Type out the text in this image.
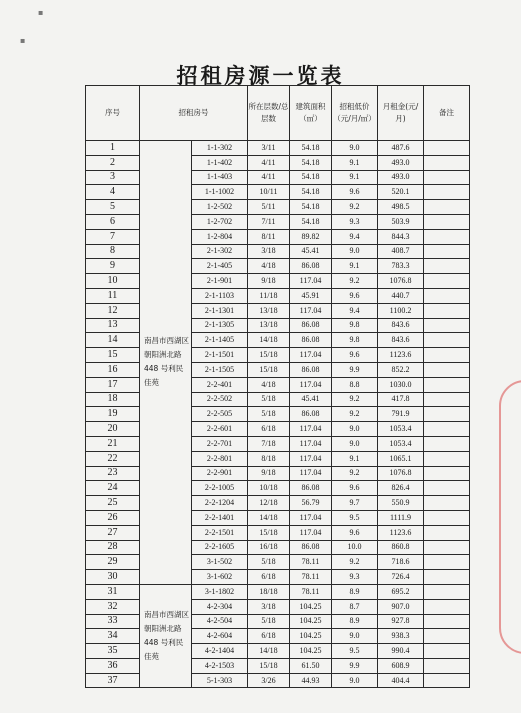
▪
▪
招租房源一览表
序号	招租房号		所在层数/总层数	建筑面积（㎡）	招租低价（元/月/㎡）	月租金(元/月)	备注
1	南昌市西湖区朝阳洲北路 448 号利民佳苑	1-1-302	3/11	54.18	9.0	487.6	
2		1-1-402	4/11	54.18	9.1	493.0	
3		1-1-403	4/11	54.18	9.1	493.0	
4		1-1-1002	10/11	54.18	9.6	520.1	
5		1-2-502	5/11	54.18	9.2	498.5	
6		1-2-702	7/11	54.18	9.3	503.9	
7		1-2-804	8/11	89.82	9.4	844.3	
8		2-1-302	3/18	45.41	9.0	408.7	
9		2-1-405	4/18	86.08	9.1	783.3	
10		2-1-901	9/18	117.04	9.2	1076.8	
11		2-1-1103	11/18	45.91	9.6	440.7	
12		2-1-1301	13/18	117.04	9.4	1100.2	
13		2-1-1305	13/18	86.08	9.8	843.6	
14		2-1-1405	14/18	86.08	9.8	843.6	
15		2-1-1501	15/18	117.04	9.6	1123.6	
16		2-1-1505	15/18	86.08	9.9	852.2	
17		2-2-401	4/18	117.04	8.8	1030.0	
18		2-2-502	5/18	45.41	9.2	417.8	
19		2-2-505	5/18	86.08	9.2	791.9	
20		2-2-601	6/18	117.04	9.0	1053.4	
21		2-2-701	7/18	117.04	9.0	1053.4	
22		2-2-801	8/18	117.04	9.1	1065.1	
23		2-2-901	9/18	117.04	9.2	1076.8	
24		2-2-1005	10/18	86.08	9.6	826.4	
25		2-2-1204	12/18	56.79	9.7	550.9	
26		2-2-1401	14/18	117.04	9.5	1111.9	
27		2-2-1501	15/18	117.04	9.6	1123.6	
28		2-2-1605	16/18	86.08	10.0	860.8	
29		3-1-502	5/18	78.11	9.2	718.6	
30		3-1-602	6/18	78.11	9.3	726.4	
31	南昌市西湖区朝阳洲北路 448 号利民佳苑	3-1-1802	18/18	78.11	8.9	695.2	
32		4-2-304	3/18	104.25	8.7	907.0	
33		4-2-504	5/18	104.25	8.9	927.8	
34		4-2-604	6/18	104.25	9.0	938.3	
35		4-2-1404	14/18	104.25	9.5	990.4	
36		4-2-1503	15/18	61.50	9.9	608.9	
37		5-1-303	3/26	44.93	9.0	404.4	
